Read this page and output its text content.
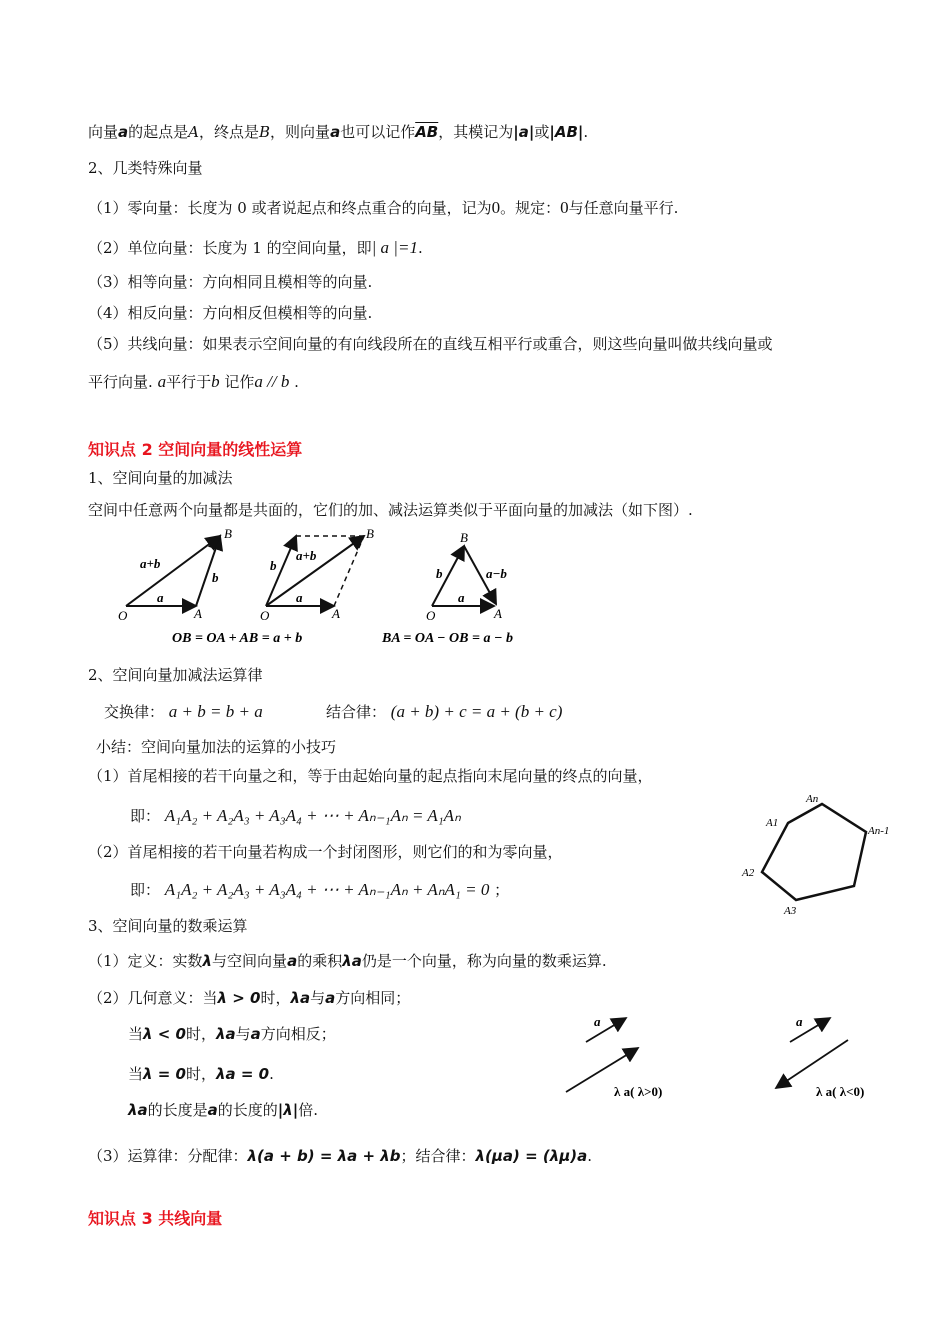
向量a的起点是A，终点是B，则向量a也可以记作$\overline{AB}$，其模记为|a|或|AB|.
2、几类特殊向量
（1）零向量：长度为 0 或者说起点和终点重合的向量，记为0。规定：0与任意向量平行.
（2）单位向量：长度为 1 的空间向量，即| a |=1.
（3）相等向量：方向相同且模相等的向量.
（4）相反向量：方向相反但模相等的向量.
（5）共线向量：如果表示空间向量的有向线段所在的直线互相平行或重合，则这些向量叫做共线向量或
平行向量. a平行于b 记作a // b .
知识点 2 空间向量的线性运算
1、空间向量的加减法
空间中任意两个向量都是共面的，它们的加、减法运算类似于平面向量的加减法（如下图）.
O	A
B
a
b
a+b
O	A
B
a
b
a+b
O	A
B
a
b	a−b
OB = OA + AB = a + b	BA = OA − OB = a − b
2、空间向量加减法运算律
交换律： a + b = b + a	结合律： (a + b) + c = a + (b + c)
小结：空间向量加法的运算的小技巧
（1）首尾相接的若干向量之和，等于由起始向量的起点指向末尾向量的终点的向量，
即： A₁A₂ + A₂A₃ + A₃A₄ + ⋯ + Aₙ₋₁Aₙ = A₁Aₙ
（2）首尾相接的若干向量若构成一个封闭图形，则它们的和为零向量，
即： A₁A₂ + A₂A₃ + A₃A₄ + ⋯ + Aₙ₋₁Aₙ + AₙA₁ = 0 ；
An
A1
An-1
A2
A3
3、空间向量的数乘运算
（1）定义：实数λ与空间向量a的乘积λa仍是一个向量，称为向量的数乘运算.
（2）几何意义：当λ > 0时，λa与a方向相同；
当λ < 0时，λa与a方向相反；
当λ = 0时，λa = 0.
λa的长度是a的长度的|λ|倍.
a
λ a( λ>0)
a
λ a( λ<0)
（3）运算律：分配律：λ(a + b) = λa + λb；结合律：λ(μa) = (λμ)a.
知识点 3 共线向量
